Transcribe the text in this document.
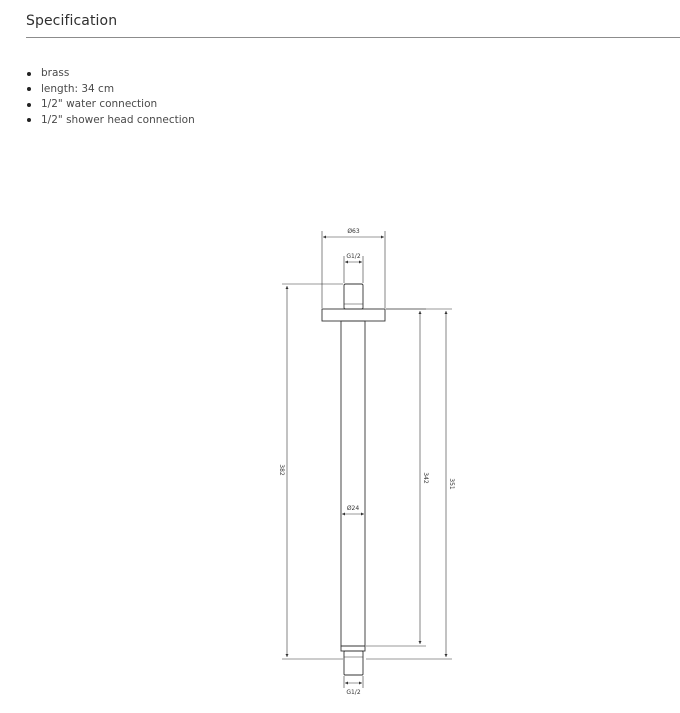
Specification
brass
length: 34 cm
1/2" water connection
1/2" shower head connection
Ø63
G1/2
Ø24
G1/2
382
342
351
